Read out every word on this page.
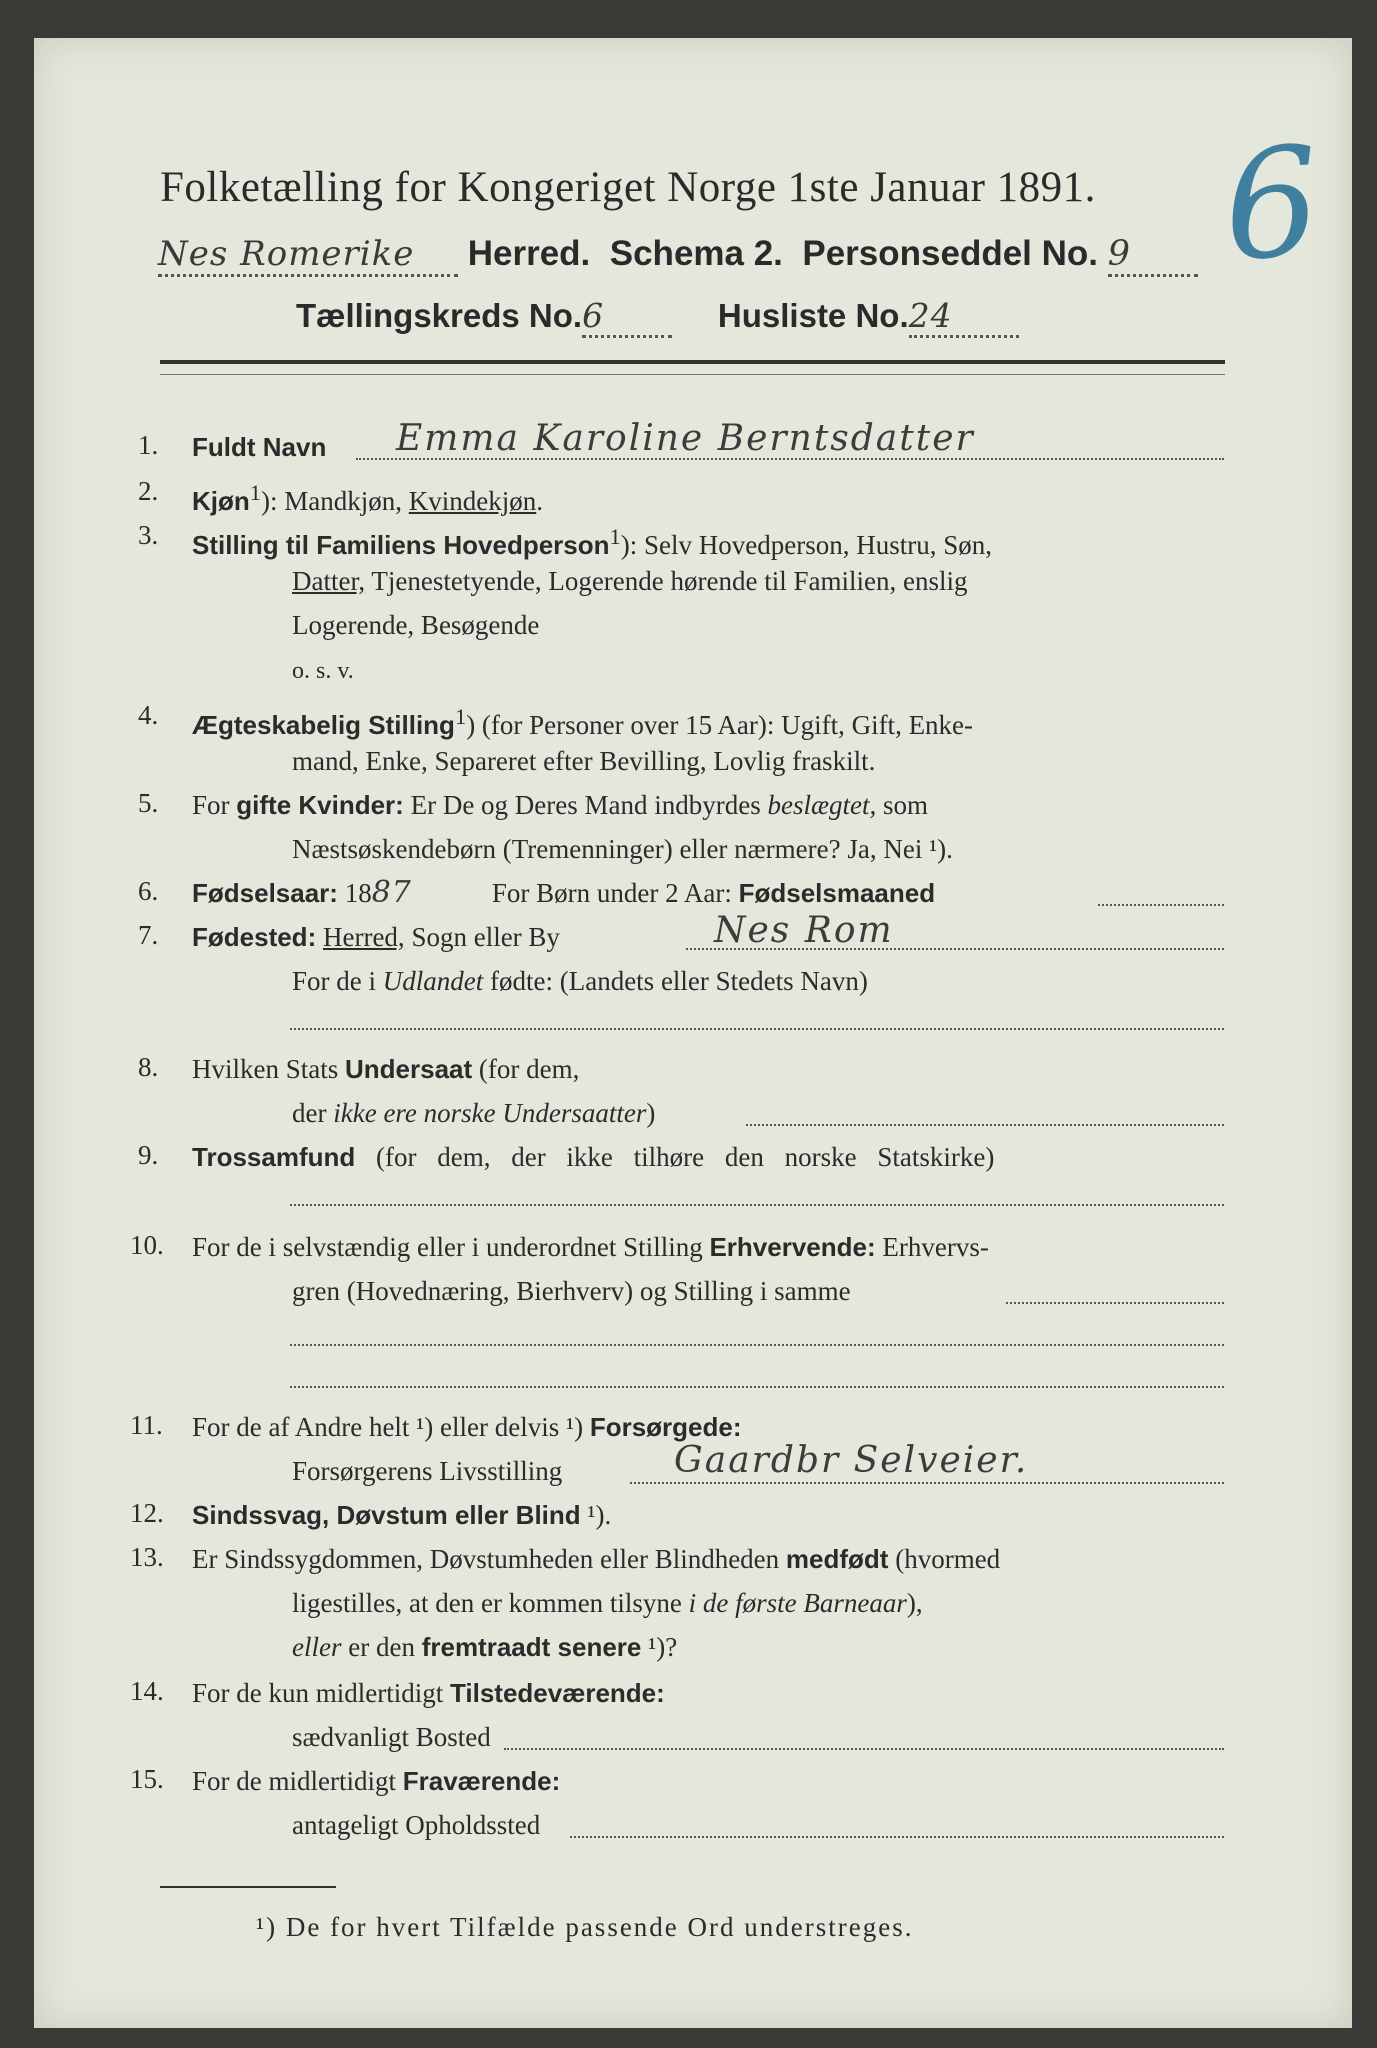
Folketælling for Kongeriget Norge 1ste Januar 1891. 6
Nes Romerike Herred. Schema 2. Personseddel No. 9
Tællingskreds No.6	Husliste No.24
1. Fuldt Navn Emma Karoline Berntsdatter
2. Kjøn$^1$): Mandkjøn, Kvindekjøn.
3. Stilling til Familiens Hovedperson$^1$): Selv Hovedperson, Hustru, Søn,
Datter, Tjenestetyende, Logerende hørende til Familien, enslig
Logerende, Besøgende
o. s. v.
4. Ægteskabelig Stilling$^1$) (for Personer over 15 Aar): Ugift, Gift, Enke-
mand, Enke, Separeret efter Bevilling, Lovlig fraskilt.
5. For gifte Kvinder: Er De og Deres Mand indbyrdes beslægtet, som
Næstsøskendebørn (Tremenninger) eller nærmere? Ja, Nei ¹).
6. Fødselsaar: 1887	For Børn under 2 Aar: Fødselsmaaned
7. Fødested: Herred, Sogn eller By	Nes Rom
For de i Udlandet fødte: (Landets eller Stedets Navn)
8. Hvilken Stats Undersaat (for dem,
der ikke ere norske Undersaatter)
9. Trossamfund (for dem, der ikke tilhøre den norske Statskirke)
10. For de i selvstændig eller i underordnet Stilling Erhvervende: Erhvervs-
gren (Hovednæring, Bierhverv) og Stilling i samme
11. For de af Andre helt ¹) eller delvis ¹) Forsørgede:
Forsørgerens Livsstilling	Gaardbr Selveier.
12. Sindssvag, Døvstum eller Blind ¹).
13. Er Sindssygdommen, Døvstumheden eller Blindheden medfødt (hvormed
ligestilles, at den er kommen tilsyne i de første Barneaar),
eller er den fremtraadt senere ¹)?
14. For de kun midlertidigt Tilstedeværende:
sædvanligt Bosted
15. For de midlertidigt Fraværende:
antageligt Opholdssted
¹) De for hvert Tilfælde passende Ord understreges.
